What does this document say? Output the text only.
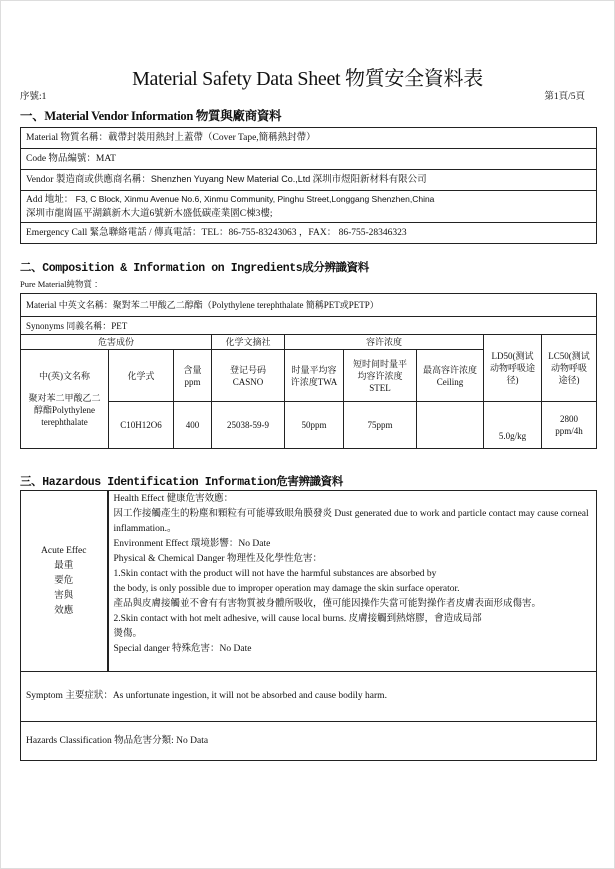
Material Safety Data Sheet 物質安全資料表
序號:1	第1頁/5頁
一、Material Vendor Information 物質與廠商資料
Material 物質名稱：載帶封裝用熱封上蓋帶（Cover Tape,簡稱熱封帶）
Code 物品編號：MAT
Vendor 製造商或供應商名稱：Shenzhen Yuyang New Material Co.,Ltd 深圳市煜阳新材料有限公司
Add 地址： F3, C Block, Xinmu Avenue No.6, Xinmu Community, Pinghu Street,Longgang Shenzhen,China
深圳市龍崗區平湖鎮新木大道6號新木盛低碳產業園C棟3樓;
Emergency Call 緊急聯絡電話 / 傳真電話：TEL：86-755-83243063 ，FAX： 86-755-28346323
二、Composition & Information on Ingredients成分辨識資料
Pure Material純物質 ：
Material 中英文名稱：聚對苯二甲酸乙二醇酯（Polythylene terephthalate 簡稱PET或PETP）								
Synonyms 同義名稱：PET								
危害成份			化学文摘社	容许浓度			LD50(测试动物呼吸途径)	LC50(测试动物呼吸途径)

中(英)文名称
聚对苯二甲酸乙二醇酯Polythylene terephthalate	化学式	含量ppm	登记号码CASNO	时量平均容许浓度TWA	短时间时量平均容许浓度STEL	最高容许浓度Ceiling		
	C10H12O6	400	25038-59-9	50ppm	75ppm		5.0g/kg	2800 ppm/4h
三、Hazardous Identification Information危害辨識資料
Acute Effec
最重
要危
害與
效應

Health Effect 健康危害效應：
因工作接觸產生的粉塵和顆粒有可能導致眼角膜發炎 Dust generated due to work and particle contact may cause corneal inflammation.。
Environment Effect 環境影響：No Date
Physical & Chemical Danger 物理性及化學性危害：
1.Skin contact with the product will not have the harmful substances are absorbed by
the body, is only possible due to improper operation may damage the skin surface operator.
產品與皮膚接觸並不會有有害物質被身體所吸收，僅可能因操作失當可能對操作者皮膚表面形成傷害。
2.Skin contact with hot melt adhesive, will cause local burns. 皮膚接觸到熱熔膠，會造成局部燙傷。
Special danger 特殊危害：No Date

Symptom 主要症狀：As unfortunate ingestion, it will not be absorbed and cause bodily harm.
Hazards Classification 物品危害分類: No Data
